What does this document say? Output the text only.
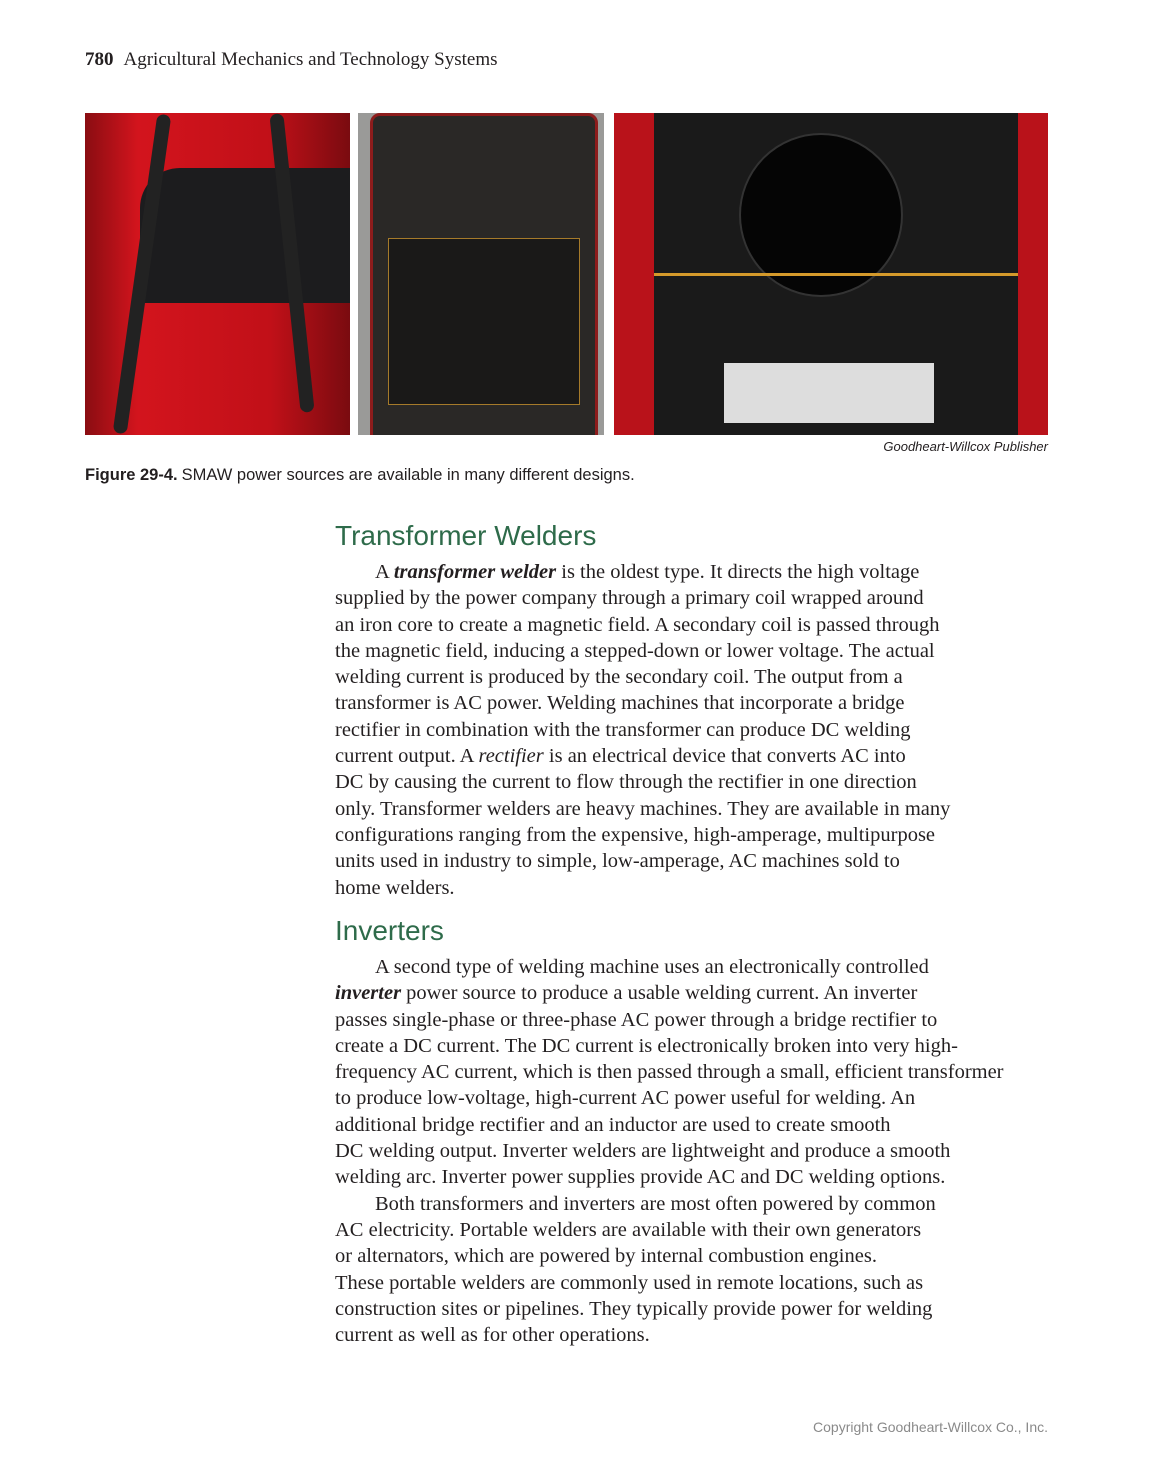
780 Agricultural Mechanics and Technology Systems
Goodheart-Willcox Publisher
Figure 29-4. SMAW power sources are available in many different designs.
Transformer Welders
A transformer welder is the oldest type. It directs the high voltage
supplied by the power company through a primary coil wrapped around
an iron core to create a magnetic field. A secondary coil is passed through
the magnetic field, inducing a stepped-down or lower voltage. The actual
welding current is produced by the secondary coil. The output from a
transformer is AC power. Welding machines that incorporate a bridge
rectifier in combination with the transformer can produce DC welding
current output. A rectifier is an electrical device that converts AC into
DC by causing the current to flow through the rectifier in one direction
only. Transformer welders are heavy machines. They are available in many
configurations ranging from the expensive, high-amperage, multipurpose
units used in industry to simple, low-amperage, AC machines sold to
home welders.
Inverters
A second type of welding machine uses an electronically controlled
inverter power source to produce a usable welding current. An inverter
passes single-phase or three-phase AC power through a bridge rectifier to
create a DC current. The DC current is electronically broken into very high-
frequency AC current, which is then passed through a small, efficient transformer
to produce low-voltage, high-current AC power useful for welding. An
additional bridge rectifier and an inductor are used to create smooth
DC welding output. Inverter welders are lightweight and produce a smooth
welding arc. Inverter power supplies provide AC and DC welding options.
Both transformers and inverters are most often powered by common
AC electricity. Portable welders are available with their own generators
or alternators, which are powered by internal combustion engines.
These portable welders are commonly used in remote locations, such as
construction sites or pipelines. They typically provide power for welding
current as well as for other operations.
Copyright Goodheart-Willcox Co., Inc.
